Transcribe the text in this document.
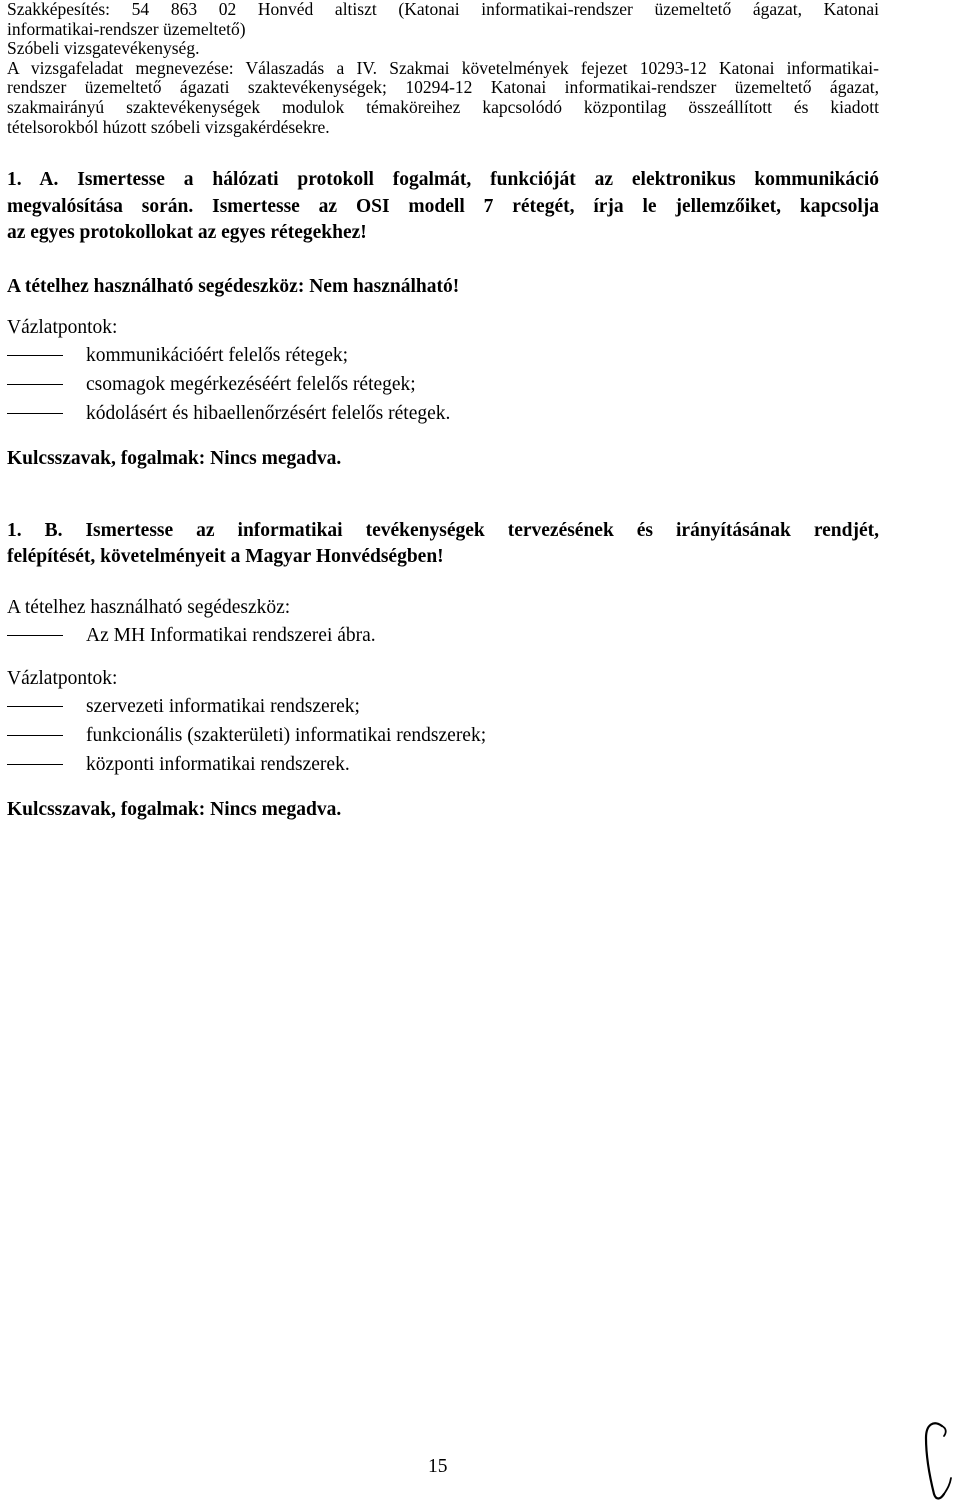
Szakképesítés: 54 863 02 Honvéd altiszt (Katonai informatikai-rendszer üzemeltető ágazat, Katonai
informatikai-rendszer üzemeltető)
Szóbeli vizsgatevékenység.
A vizsgafeladat megnevezése: Válaszadás a IV. Szakmai követelmények fejezet 10293-12 Katonai informatikai-
rendszer üzemeltető ágazati szaktevékenységek; 10294-12 Katonai informatikai-rendszer üzemeltető ágazat,
szakmairányú szaktevékenységek modulok témaköreihez kapcsolódó központilag összeállított és kiadott
tételsorokból húzott szóbeli vizsgakérdésekre.
1. A. Ismertesse a hálózati protokoll fogalmát, funkcióját az elektronikus kommunikáció
megvalósítása során. Ismertesse az OSI modell 7 rétegét, írja le jellemzőiket, kapcsolja
az egyes protokollokat az egyes rétegekhez!

A tételhez használható segédeszköz: Nem használható!

Vázlatpontok:

kommunikációért felelős rétegek;
csomagok megérkezéséért felelős rétegek;
kódolásért és hibaellenőrzésért felelős rétegek.

Kulcsszavak, fogalmak: Nincs megadva.

1. B. Ismertesse az informatikai tevékenységek tervezésének és irányításának rendjét,
felépítését, követelményeit a Magyar Honvédségben!

A tételhez használható segédeszköz:

Az MH Informatikai rendszerei ábra.

Vázlatpontok:

szervezeti informatikai rendszerek;
funkcionális (szakterületi) informatikai rendszerek;
központi informatikai rendszerek.

Kulcsszavak, fogalmak: Nincs megadva.

15
